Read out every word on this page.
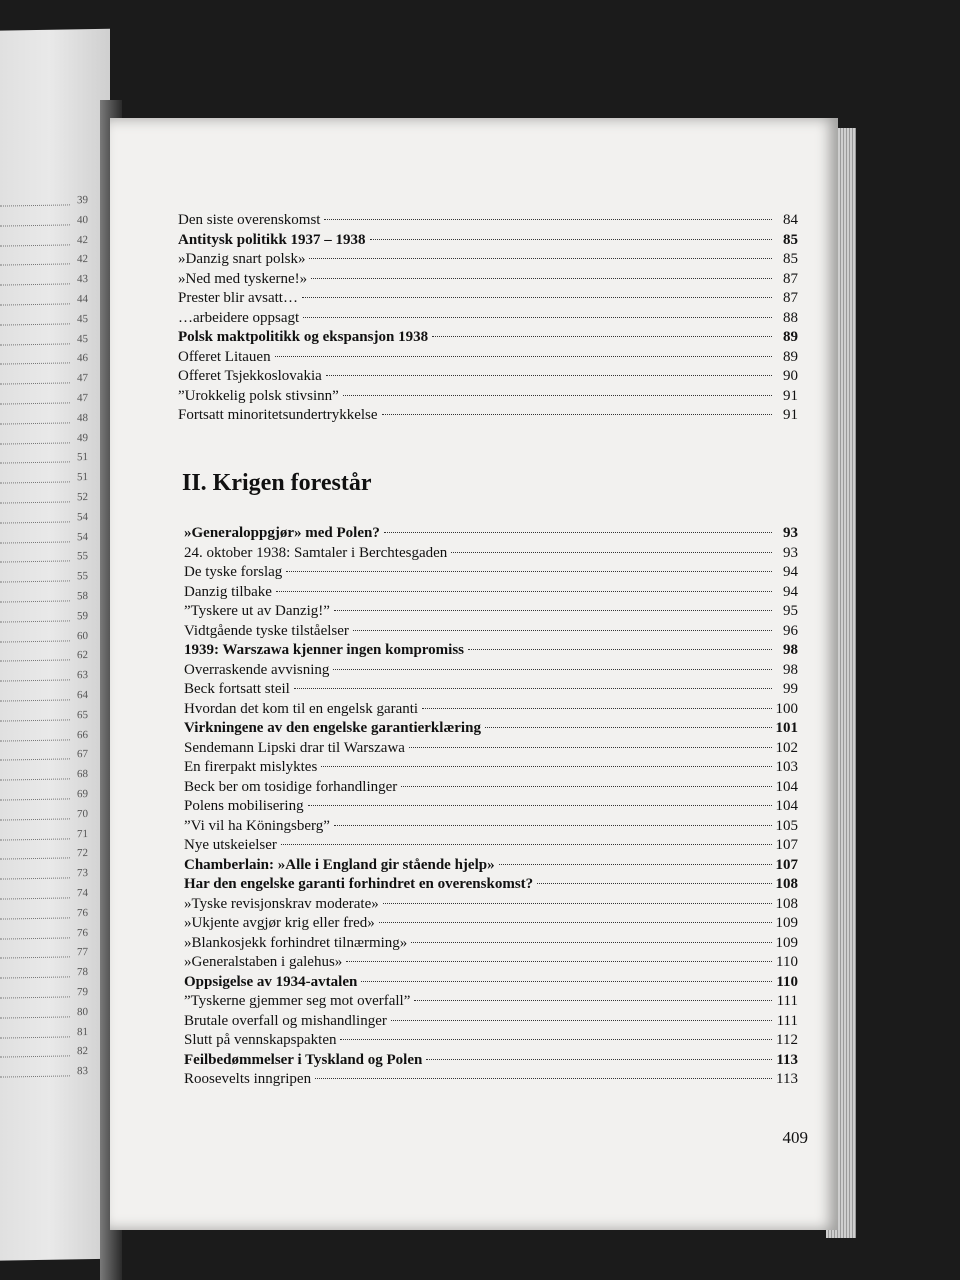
39
40
42
42
43
44
45
45
46
47
47
48
49
51
51
52
54
54
55
55
58
59
60
62
63
64
65
66
67
68
69
70
71
72
73
74
76
76
77
78
79
80
81
82
83
Den siste overenskomst	84
Antitysk politikk 1937 – 1938	85
»Danzig snart polsk»	85
»Ned med tyskerne!»	87
Prester blir avsatt…	87
…arbeidere oppsagt	88
Polsk maktpolitikk og ekspansjon 1938	89
Offeret Litauen	89
Offeret Tsjekkoslovakia	90
”Urokkelig polsk stivsinn”	91
Fortsatt minoritetsundertrykkelse	91
II. Krigen forestår
»Generaloppgjør» med Polen?	93
24. oktober 1938: Samtaler i Berchtesgaden	93
De tyske forslag	94
Danzig tilbake	94
”Tyskere ut av Danzig!”	95
Vidtgående tyske tilståelser	96
1939: Warszawa kjenner ingen kompromiss	98
Overraskende avvisning	98
Beck fortsatt steil	99
Hvordan det kom til en engelsk garanti	100
Virkningene av den engelske garantierklæring	101
Sendemann Lipski drar til Warszawa	102
En firerpakt mislyktes	103
Beck ber om tosidige forhandlinger	104
Polens mobilisering	104
”Vi vil ha Köningsberg”	105
Nye utskeielser	107
Chamberlain: »Alle i England gir stående hjelp»	107
Har den engelske garanti forhindret en overenskomst?	108
»Tyske revisjonskrav moderate»	108
»Ukjente avgjør krig eller fred»	109
»Blankosjekk forhindret tilnærming»	109
»Generalstaben i galehus»	110
Oppsigelse av 1934-avtalen	110
”Tyskerne gjemmer seg mot overfall”	111
Brutale overfall og mishandlinger	111
Slutt på vennskapspakten	112
Feilbedømmelser i Tyskland og Polen	113
Roosevelts inngripen	113
409
